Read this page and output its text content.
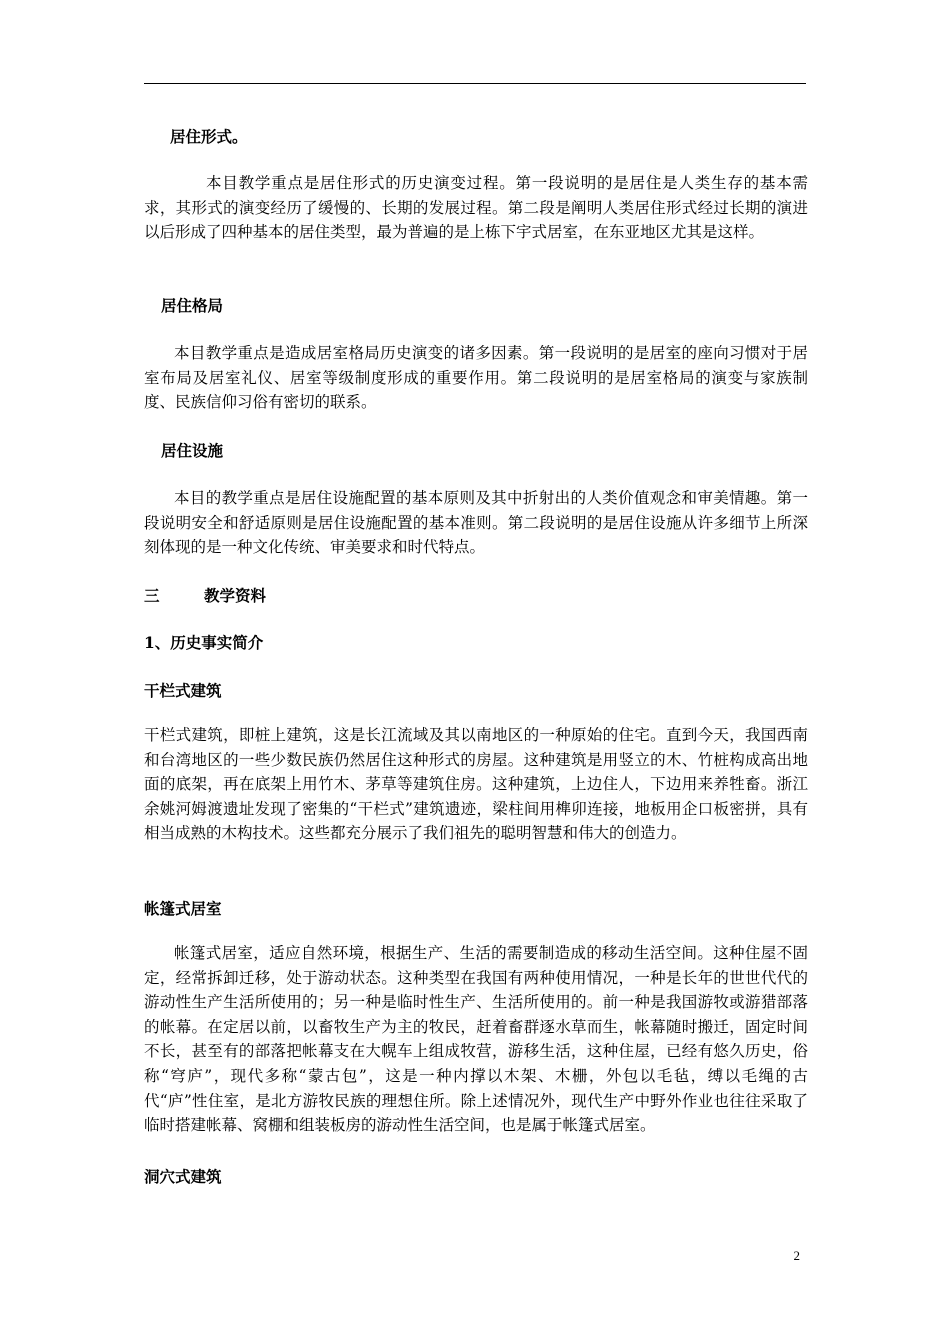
居住形式。

本目教学重点是居住形式的历史演变过程。第一段说明的是居住是人类生存的基本需求，其形式的演变经历了缓慢的、长期的发展过程。第二段是阐明人类居住形式经过长期的演进以后形成了四种基本的居住类型，最为普遍的是上栋下宇式居室，在东亚地区尤其是这样。

居住格局

本目教学重点是造成居室格局历史演变的诸多因素。第一段说明的是居室的座向习惯对于居室布局及居室礼仪、居室等级制度形成的重要作用。第二段说明的是居室格局的演变与家族制度、民族信仰习俗有密切的联系。

居住设施

本目的教学重点是居住设施配置的基本原则及其中折射出的人类价值观念和审美情趣。第一段说明安全和舒适原则是居住设施配置的基本准则。第二段说明的是居住设施从许多细节上所深刻体现的是一种文化传统、审美要求和时代特点。

三	教学资料
1、历史事实简介
干栏式建筑

干栏式建筑，即桩上建筑，这是长江流域及其以南地区的一种原始的住宅。直到今天，我国西南和台湾地区的一些少数民族仍然居住这种形式的房屋。这种建筑是用竖立的木、竹桩构成高出地面的底架，再在底架上用竹木、茅草等建筑住房。这种建筑，上边住人，下边用来养牲畜。浙江余姚河姆渡遗址发现了密集的“干栏式”建筑遗迹，梁柱间用榫卯连接，地板用企口板密拼，具有相当成熟的木构技术。这些都充分展示了我们祖先的聪明智慧和伟大的创造力。

帐篷式居室

帐篷式居室，适应自然环境，根据生产、生活的需要制造成的移动生活空间。这种住屋不固定，经常拆卸迁移，处于游动状态。这种类型在我国有两种使用情况，一种是长年的世世代代的游动性生产生活所使用的；另一种是临时性生产、生活所使用的。前一种是我国游牧或游猎部落的帐幕。在定居以前，以畜牧生产为主的牧民，赶着畜群逐水草而生，帐幕随时搬迁，固定时间不长，甚至有的部落把帐幕支在大幌车上组成牧营，游移生活，这种住屋，已经有悠久历史，俗称“穹庐”，现代多称“蒙古包”，这是一种内撑以木架、木栅，外包以毛毡，缚以毛绳的古代“庐”性住室，是北方游牧民族的理想住所。除上述情况外，现代生产中野外作业也往往采取了临时搭建帐幕、窝棚和组装板房的游动性生活空间，也是属于帐篷式居室。

洞穴式建筑
2
